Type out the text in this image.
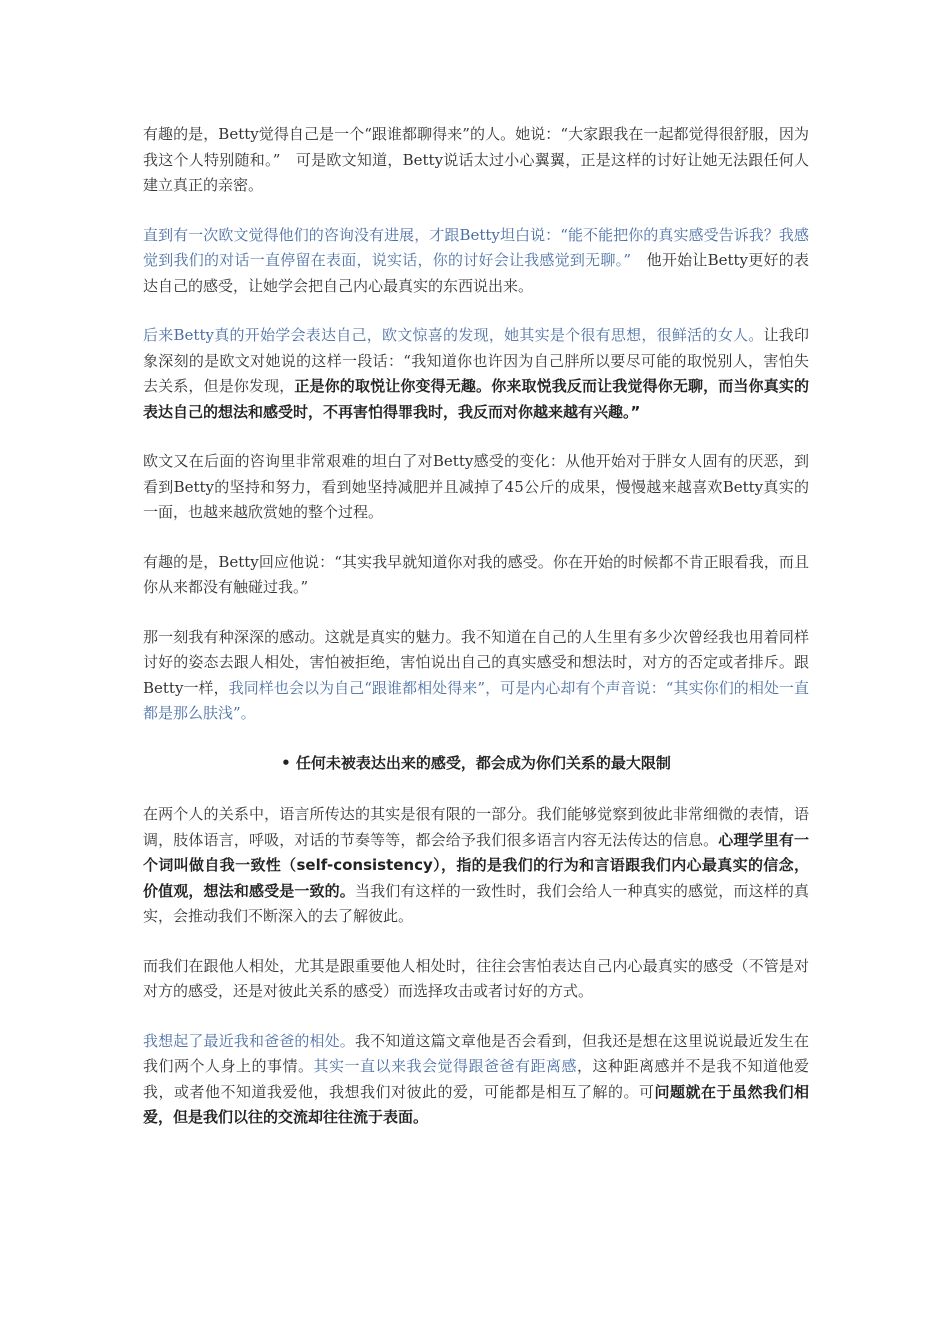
有趣的是，Betty觉得自己是一个“跟谁都聊得来”的人。她说：“大家跟我在一起都觉得很舒服，因为我这个人特别随和。”　可是欧文知道，Betty说话太过小心翼翼，正是这样的讨好让她无法跟任何人建立真正的亲密。

直到有一次欧文觉得他们的咨询没有进展，才跟Betty坦白说：“能不能把你的真实感受告诉我？我感觉到我们的对话一直停留在表面，说实话，你的讨好会让我感觉到无聊。”　他开始让Betty更好的表达自己的感受，让她学会把自己内心最真实的东西说出来。

后来Betty真的开始学会表达自己，欧文惊喜的发现，她其实是个很有思想，很鲜活的女人。让我印象深刻的是欧文对她说的这样一段话：“我知道你也许因为自己胖所以要尽可能的取悦别人，害怕失去关系，但是你发现，正是你的取悦让你变得无趣。你来取悦我反而让我觉得你无聊，而当你真实的表达自己的想法和感受时，不再害怕得罪我时，我反而对你越来越有兴趣。”

欧文又在后面的咨询里非常艰难的坦白了对Betty感受的变化：从他开始对于胖女人固有的厌恶，到看到Betty的坚持和努力，看到她坚持减肥并且减掉了45公斤的成果，慢慢越来越喜欢Betty真实的一面，也越来越欣赏她的整个过程。

有趣的是，Betty回应他说：“其实我早就知道你对我的感受。你在开始的时候都不肯正眼看我，而且你从来都没有触碰过我。”

那一刻我有种深深的感动。这就是真实的魅力。我不知道在自己的人生里有多少次曾经我也用着同样讨好的姿态去跟人相处，害怕被拒绝，害怕说出自己的真实感受和想法时，对方的否定或者排斥。跟Betty一样，我同样也会以为自己“跟谁都相处得来”，可是内心却有个声音说：“其实你们的相处一直都是那么肤浅”。

• 任何未被表达出来的感受，都会成为你们关系的最大限制

在两个人的关系中，语言所传达的其实是很有限的一部分。我们能够觉察到彼此非常细微的表情，语调，肢体语言，呼吸，对话的节奏等等，都会给予我们很多语言内容无法传达的信息。心理学里有一个词叫做自我一致性（self-consistency），指的是我们的行为和言语跟我们内心最真实的信念，价值观，想法和感受是一致的。当我们有这样的一致性时，我们会给人一种真实的感觉，而这样的真实，会推动我们不断深入的去了解彼此。

而我们在跟他人相处，尤其是跟重要他人相处时，往往会害怕表达自己内心最真实的感受（不管是对对方的感受，还是对彼此关系的感受）而选择攻击或者讨好的方式。

我想起了最近我和爸爸的相处。我不知道这篇文章他是否会看到，但我还是想在这里说说最近发生在我们两个人身上的事情。其实一直以来我会觉得跟爸爸有距离感，这种距离感并不是我不知道他爱我，或者他不知道我爱他，我想我们对彼此的爱，可能都是相互了解的。可问题就在于虽然我们相爱，但是我们以往的交流却往往流于表面。
